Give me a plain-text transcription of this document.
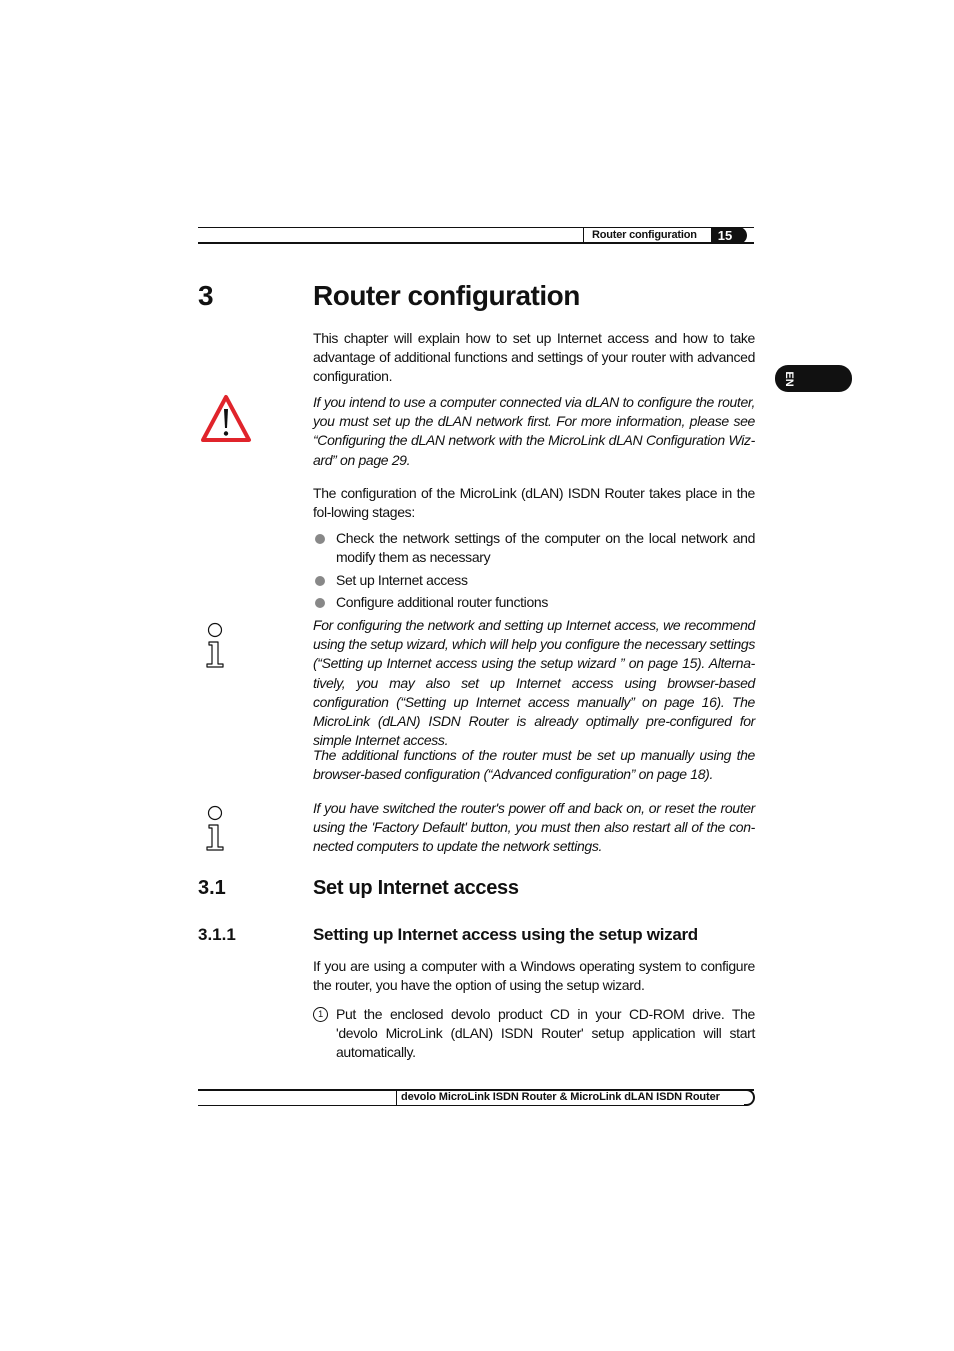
Router configuration	15
EN
3	Router configuration
This chapter will explain how to set up Internet access and how to take advantage of additional functions and settings of your router with advanced configuration.
If you intend to use a computer connected via dLAN to configure the router, you must set up the dLAN network first. For more information, please see “Configuring the dLAN network with the MicroLink dLAN Configuration Wiz-ard” on page 29.
The configuration of the MicroLink (dLAN) ISDN Router takes place in the fol-lowing stages:
Check the network settings of the computer on the local network and modify them as necessary
Set up Internet access
Configure additional router functions
For configuring the network and setting up Internet access, we recommend using the setup wizard, which will help you configure the necessary settings (“Setting up Internet access using the setup wizard ” on page 15). Alterna-tively, you may also set up Internet access using browser-based configuration (“Setting up Internet access manually” on page 16). The MicroLink (dLAN) ISDN Router is already optimally pre-configured for simple Internet access.
The additional functions of the router must be set up manually using the browser-based configuration (“Advanced configuration” on page 18).
If you have switched the router's power off and back on, or reset the router using the 'Factory Default' button, you must then also restart all of the con-nected computers to update the network settings.
3.1	Set up Internet access
3.1.1	Setting up Internet access using the setup wizard
If you are using a computer with a Windows operating system to configure the router, you have the option of using the setup wizard.
1 Put the enclosed devolo product CD in your CD-ROM drive. The 'devolo MicroLink (dLAN) ISDN Router' setup application will start automatically.
devolo MicroLink ISDN Router & MicroLink dLAN ISDN Router
